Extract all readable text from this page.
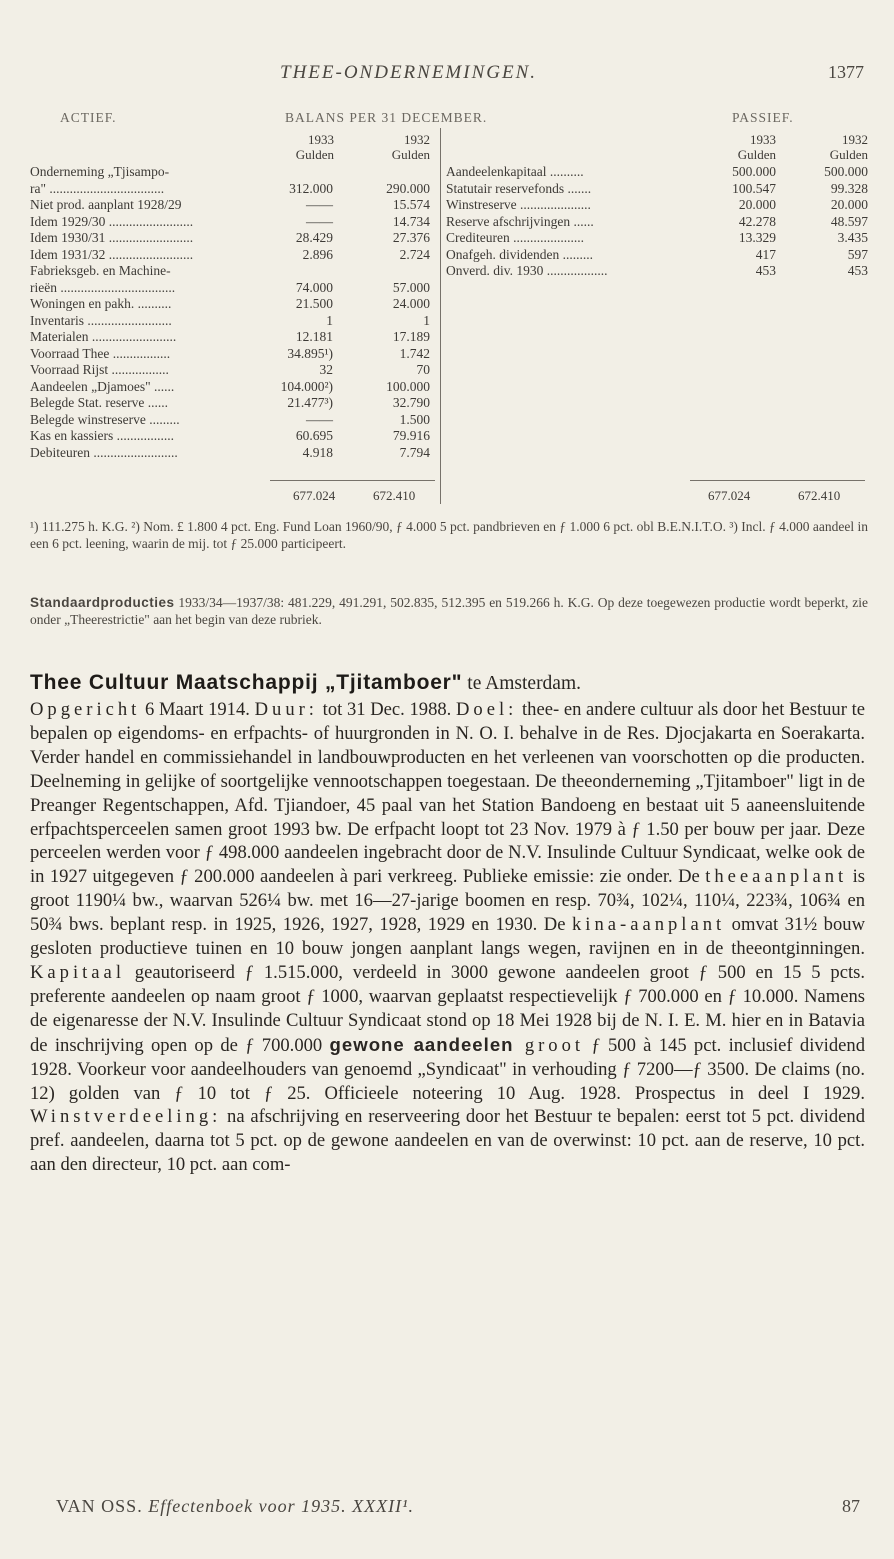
THEE-ONDERNEMINGEN.	1377
ACTIEF.	BALANS PER 31 DECEMBER.	PASSIEF.
1933	1932
Gulden	Gulden
Onderneming „Tjisampo-
ra" ..................................	312.000	290.000
Niet prod. aanplant 1928/29	——	15.574
Idem 1929/30 .........................	——	14.734
Idem 1930/31 .........................	28.429	27.376
Idem 1931/32 .........................	2.896	2.724
Fabrieksgeb. en Machine-
rieën ..................................	74.000	57.000
Woningen en pakh. ..........	21.500	24.000
Inventaris .........................	1	1
Materialen .........................	12.181	17.189
Voorraad Thee .................	34.895¹)	1.742
Voorraad Rijst .................	32	70
Aandeelen „Djamoes" ......	104.000²)	100.000
Belegde Stat. reserve ......	21.477³)	32.790
Belegde winstreserve .........	——	1.500
Kas en kassiers .................	60.695	79.916
Debiteuren .........................	4.918	7.794
1933	1932
Gulden	Gulden
Aandeelenkapitaal ..........	500.000	500.000
Statutair reservefonds .......	100.547	99.328
Winstreserve .....................	20.000	20.000
Reserve afschrijvingen ......	42.278	48.597
Crediteuren .....................	13.329	3.435
Onafgeh. dividenden .........	417	597
Onverd. div. 1930 ..................	453	453
677.024	672.410	677.024	672.410
¹) 111.275 h. K.G. ²) Nom. £ 1.800 4 pct. Eng. Fund Loan 1960/90, ƒ 4.000 5 pct. pandbrieven en ƒ 1.000 6 pct. obl B.E.N.I.T.O. ³) Incl. ƒ 4.000 aandeel in een 6 pct. leening, waarin de mij. tot ƒ 25.000 participeert.
Standaardproducties 1933/34—1937/38: 481.229, 491.291, 502.835, 512.395 en 519.266 h. K.G. Op deze toegewezen productie wordt beperkt, zie onder „Theerestrictie" aan het begin van deze rubriek.
Thee Cultuur Maatschappij „Tjitamboer" te Amsterdam.

Opgericht 6 Maart 1914. Duur: tot 31 Dec. 1988. Doel: thee- en andere cultuur als door het Bestuur te bepalen op eigendoms- en erfpachts- of huurgronden in N. O. I. behalve in de Res. Djocjakarta en Soerakarta. Verder handel en commissiehandel in landbouwproducten en het verleenen van voorschotten op die producten. Deelneming in gelijke of soortgelijke vennootschappen toegestaan. De theeonderneming „Tjitamboer" ligt in de Preanger Regentschappen, Afd. Tjiandoer, 45 paal van het Station Bandoeng en bestaat uit 5 aaneensluitende erfpachtsperceelen samen groot 1993 bw. De erfpacht loopt tot 23 Nov. 1979 à ƒ 1.50 per bouw per jaar. Deze perceelen werden voor ƒ 498.000 aandeelen ingebracht door de N.V. Insulinde Cultuur Syndicaat, welke ook de in 1927 uitgegeven ƒ 200.000 aandeelen à pari verkreeg. Publieke emissie: zie onder. De theeaanplant is groot 1190¼ bw., waarvan 526¼ bw. met 16—27-jarige boomen en resp. 70¾, 102¼, 110¼, 223¾, 106¾ en 50¾ bws. beplant resp. in 1925, 1926, 1927, 1928, 1929 en 1930. De kina-aanplant omvat 31½ bouw gesloten productieve tuinen en 10 bouw jongen aanplant langs wegen, ravijnen en in de theeontginningen. Kapitaal geautoriseerd ƒ 1.515.000, verdeeld in 3000 gewone aandeelen groot ƒ 500 en 15 5 pcts. preferente aandeelen op naam groot ƒ 1000, waarvan geplaatst respectievelijk ƒ 700.000 en ƒ 10.000. Namens de eigenaresse der N.V. Insulinde Cultuur Syndicaat stond op 18 Mei 1928 bij de N. I. E. M. hier en in Batavia de inschrijving open op de ƒ 700.000 gewone aandeelen groot ƒ 500 à 145 pct. inclusief dividend 1928. Voorkeur voor aandeelhouders van genoemd „Syndicaat" in verhouding ƒ 7200—ƒ 3500. De claims (no. 12) golden van ƒ 10 tot ƒ 25. Officieele noteering 10 Aug. 1928. Prospectus in deel I 1929. Winstverdeeling: na afschrijving en reserveering door het Bestuur te bepalen: eerst tot 5 pct. dividend pref. aandeelen, daarna tot 5 pct. op de gewone aandeelen en van de overwinst: 10 pct. aan de reserve, 10 pct. aan den directeur, 10 pct. aan com-

VAN OSS. Effectenboek voor 1935. XXXII¹.	87
